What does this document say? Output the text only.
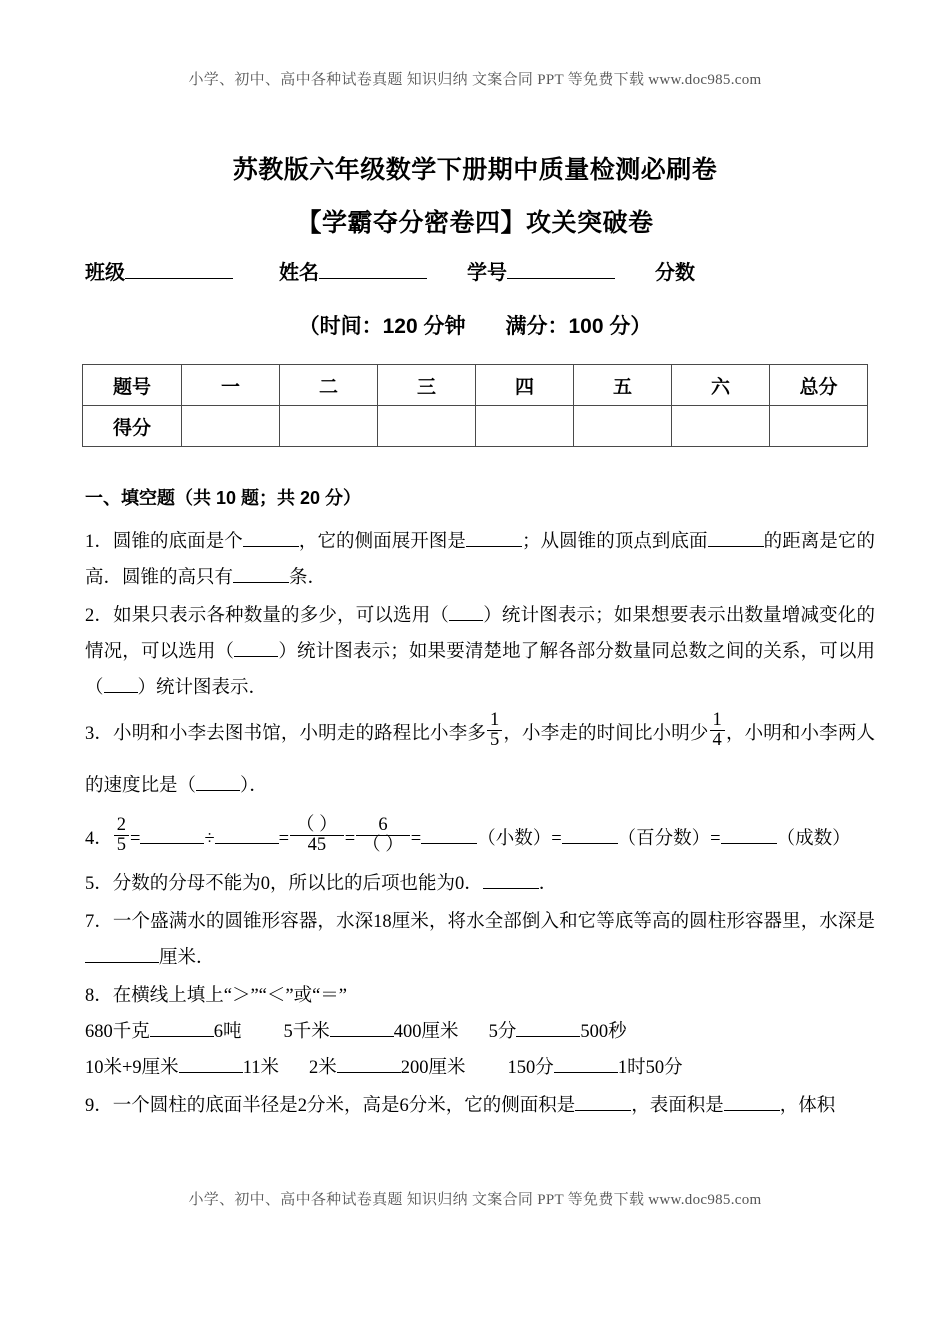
小学、初中、高中各种试卷真题 知识归纳 文案合同 PPT 等免费下载 www.doc985.com
苏教版六年级数学下册期中质量检测必刷卷
【学霸夺分密卷四】攻关突破卷
班级	姓名	学号	分数
（时间：120 分钟 满分：100 分）
题号	一	二	三	四	五	六	总分
得分							
一、填空题（共 10 题；共 20 分）
1．圆锥的底面是个	，它的侧面展开图是	；从圆锥的顶点到底面	的距离是它的高．圆锥的高只有	条．
2．如果只表示各种数量的多少，可以选用（ ）统计图表示；如果想要表示出数量增减变化的情况，可以选用（ ）统计图表示；如果要清楚地了解各部分数量同总数之间的关系，可以用（ ）统计图表示．
3．小明和小李去图书馆，小明走的路程比小李多 $\frac{1}{5}$ ，小李走的时间比小明少 $\frac{1}{4}$ ，小明和小李两人的速度比是（ ）．
4． $\frac{2}{5}$ =	÷	= $\frac{( )}{45} = \frac{6}{( )}$ =	（小数）=	（百分数）=	（成数）
5．分数的分母不能为0，所以比的后项也能为0．	．
7．一个盛满水的圆锥形容器，水深18厘米，将水全部倒入和它等底等高的圆柱形容器里，水深是厘米．
8．在横线上填上“＞”“＜”或“＝”
680千克	6吨 5千米	400厘米 5分	500秒
10米+9厘米	11米 2米	200厘米 150分	1时50分
9．一个圆柱的底面半径是2分米，高是6分米，它的侧面积是	，表面积是	，体积
小学、初中、高中各种试卷真题 知识归纳 文案合同 PPT 等免费下载 www.doc985.com
